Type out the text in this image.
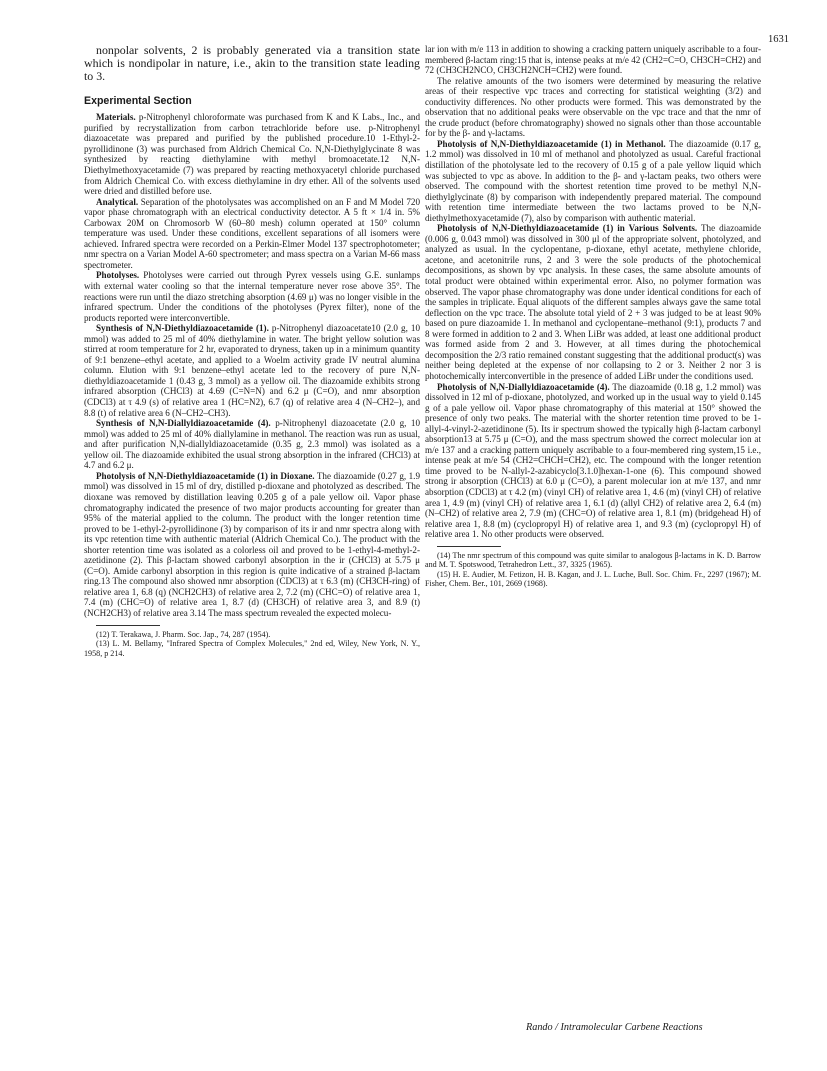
1631

nonpolar solvents, 2 is probably generated via a transition state which is nondipolar in nature, i.e., akin to the transition state leading to 3.

Experimental Section

Materials. p-Nitrophenyl chloroformate was purchased from K and K Labs., Inc., and purified by recrystallization from carbon tetrachloride before use. p-Nitrophenyl diazoacetate was prepared and purified by the published procedure.10 1-Ethyl-2-pyrollidinone (3) was purchased from Aldrich Chemical Co. N,N-Diethylglycinate 8 was synthesized by reacting diethylamine with methyl bromoacetate.12 N,N-Diethylmethoxyacetamide (7) was prepared by reacting methoxyacetyl chloride purchased from Aldrich Chemical Co. with excess diethylamine in dry ether. All of the solvents used were dried and distilled before use.

Analytical. Separation of the photolysates was accomplished on an F and M Model 720 vapor phase chromatograph with an electrical conductivity detector. A 5 ft × 1/4 in. 5% Carbowax 20M on Chromosorb W (60–80 mesh) column operated at 150° column temperature was used. Under these conditions, excellent separations of all isomers were achieved. Infrared spectra were recorded on a Perkin-Elmer Model 137 spectrophotometer; nmr spectra on a Varian Model A-60 spectrometer; and mass spectra on a Varian M-66 mass spectrometer.

Photolyses. Photolyses were carried out through Pyrex vessels using G.E. sunlamps with external water cooling so that the internal temperature never rose above 35°. The reactions were run until the diazo stretching absorption (4.69 μ) was no longer visible in the infrared spectrum. Under the conditions of the photolyses (Pyrex filter), none of the products reported were interconvertible.

Synthesis of N,N-Diethyldiazoacetamide (1). p-Nitrophenyl diazoacetate10 (2.0 g, 10 mmol) was added to 25 ml of 40% diethylamine in water. The bright yellow solution was stirred at room temperature for 2 hr, evaporated to dryness, taken up in a minimum quantity of 9:1 benzene–ethyl acetate, and applied to a Woelm activity grade IV neutral alumina column. Elution with 9:1 benzene–ethyl acetate led to the recovery of pure N,N-diethyldiazoacetamide 1 (0.43 g, 3 mmol) as a yellow oil. The diazoamide exhibits strong infrared absorption (CHCl3) at 4.69 (C=N=N) and 6.2 μ (C=O), and nmr absorption (CDCl3) at τ 4.9 (s) of relative area 1 (HC=N2), 6.7 (q) of relative area 4 (N–CH2–), and 8.8 (t) of relative area 6 (N–CH2–CH3).

Synthesis of N,N-Diallyldiazoacetamide (4). p-Nitrophenyl diazoacetate (2.0 g, 10 mmol) was added to 25 ml of 40% diallylamine in methanol. The reaction was run as usual, and after purification N,N-diallyldiazoacetamide (0.35 g, 2.3 mmol) was isolated as a yellow oil. The diazoamide exhibited the usual strong absorption in the infrared (CHCl3) at 4.7 and 6.2 μ.

Photolysis of N,N-Diethyldiazoacetamide (1) in Dioxane. The diazoamide (0.27 g, 1.9 mmol) was dissolved in 15 ml of dry, distilled p-dioxane and photolyzed as described. The dioxane was removed by distillation leaving 0.205 g of a pale yellow oil. Vapor phase chromatography indicated the presence of two major products accounting for greater than 95% of the material applied to the column. The product with the longer retention time proved to be 1-ethyl-2-pyrollidinone (3) by comparison of its ir and nmr spectra along with its vpc retention time with authentic material (Aldrich Chemical Co.). The product with the shorter retention time was isolated as a colorless oil and proved to be 1-ethyl-4-methyl-2-azetidinone (2). This β-lactam showed carbonyl absorption in the ir (CHCl3) at 5.75 μ (C=O). Amide carbonyl absorption in this region is quite indicative of a strained β-lactam ring.13 The compound also showed nmr absorption (CDCl3) at τ 6.3 (m) (CH3CH-ring) of relative area 1, 6.8 (q) (NCH2CH3) of relative area 2, 7.2 (m) (CHC=O) of relative area 1, 7.4 (m) (CHC=O) of relative area 1, 8.7 (d) (CH3CH) of relative area 3, and 8.9 (t) (NCH2CH3) of relative area 3.14 The mass spectrum revealed the expected molecu-

(12) T. Terakawa, J. Pharm. Soc. Jap., 74, 287 (1954).

(13) L. M. Bellamy, "Infrared Spectra of Complex Molecules," 2nd ed, Wiley, New York, N. Y., 1958, p 214.

lar ion with m/e 113 in addition to showing a cracking pattern uniquely ascribable to a four-membered β-lactam ring:15 that is, intense peaks at m/e 42 (CH2=C=O, CH3CH=CH2) and 72 (CH3CH2NCO, CH3CH2NCH=CH2) were found.

The relative amounts of the two isomers were determined by measuring the relative areas of their respective vpc traces and correcting for statistical weighting (3/2) and conductivity differences. No other products were formed. This was demonstrated by the observation that no additional peaks were observable on the vpc trace and that the nmr of the crude product (before chromatography) showed no signals other than those accountable for by the β- and γ-lactams.

Photolysis of N,N-Diethyldiazoacetamide (1) in Methanol. The diazoamide (0.17 g, 1.2 mmol) was dissolved in 10 ml of methanol and photolyzed as usual. Careful fractional distillation of the photolysate led to the recovery of 0.15 g of a pale yellow liquid which was subjected to vpc as above. In addition to the β- and γ-lactam peaks, two others were observed. The compound with the shortest retention time proved to be methyl N,N-diethylglycinate (8) by comparison with independently prepared material. The compound with retention time intermediate between the two lactams proved to be N,N-diethylmethoxyacetamide (7), also by comparison with authentic material.

Photolysis of N,N-Diethyldiazoacetamide (1) in Various Solvents. The diazoamide (0.006 g, 0.043 mmol) was dissolved in 300 μl of the appropriate solvent, photolyzed, and analyzed as usual. In the cyclopentane, p-dioxane, ethyl acetate, methylene chloride, acetone, and acetonitrile runs, 2 and 3 were the sole products of the photochemical decompositions, as shown by vpc analysis. In these cases, the same absolute amounts of total product were obtained within experimental error. Also, no polymer formation was observed. The vapor phase chromatography was done under identical conditions for each of the samples in triplicate. Equal aliquots of the different samples always gave the same total deflection on the vpc trace. The absolute total yield of 2 + 3 was judged to be at least 90% based on pure diazoamide 1. In methanol and cyclopentane–methanol (9:1), products 7 and 8 were formed in addition to 2 and 3. When LiBr was added, at least one additional product was formed aside from 2 and 3. However, at all times during the photochemical decomposition the 2/3 ratio remained constant suggesting that the additional product(s) was neither being depleted at the expense of nor collapsing to 2 or 3. Neither 2 nor 3 is photochemically interconvertible in the presence of added LiBr under the conditions used.

Photolysis of N,N-Diallyldiazoacetamide (4). The diazoamide (0.18 g, 1.2 mmol) was dissolved in 12 ml of p-dioxane, photolyzed, and worked up in the usual way to yield 0.145 g of a pale yellow oil. Vapor phase chromatography of this material at 150° showed the presence of only two peaks. The material with the shorter retention time proved to be 1-allyl-4-vinyl-2-azetidinone (5). Its ir spectrum showed the typically high β-lactam carbonyl absorption13 at 5.75 μ (C=O), and the mass spectrum showed the correct molecular ion at m/e 137 and a cracking pattern uniquely ascribable to a four-membered ring system,15 i.e., intense peak at m/e 54 (CH2=CHCH=CH2), etc. The compound with the longer retention time proved to be N-allyl-2-azabicyclo[3.1.0]hexan-1-one (6). This compound showed strong ir absorption (CHCl3) at 6.0 μ (C=O), a parent molecular ion at m/e 137, and nmr absorption (CDCl3) at τ 4.2 (m) (vinyl CH) of relative area 1, 4.6 (m) (vinyl CH) of relative area 1, 4.9 (m) (vinyl CH) of relative area 1, 6.1 (d) (allyl CH2) of relative area 2, 6.4 (m) (N–CH2) of relative area 2, 7.9 (m) (CHC=O) of relative area 1, 8.1 (m) (bridgehead H) of relative area 1, 8.8 (m) (cyclopropyl H) of relative area 1, and 9.3 (m) (cyclopropyl H) of relative area 1. No other products were observed.

(14) The nmr spectrum of this compound was quite similar to analogous β-lactams in K. D. Barrow and M. T. Spotswood, Tetrahedron Lett., 37, 3325 (1965).

(15) H. E. Audier, M. Fetizon, H. B. Kagan, and J. L. Luche, Bull. Soc. Chim. Fr., 2297 (1967); M. Fisher, Chem. Ber., 101, 2669 (1968).

Rando / Intramolecular Carbene Reactions
